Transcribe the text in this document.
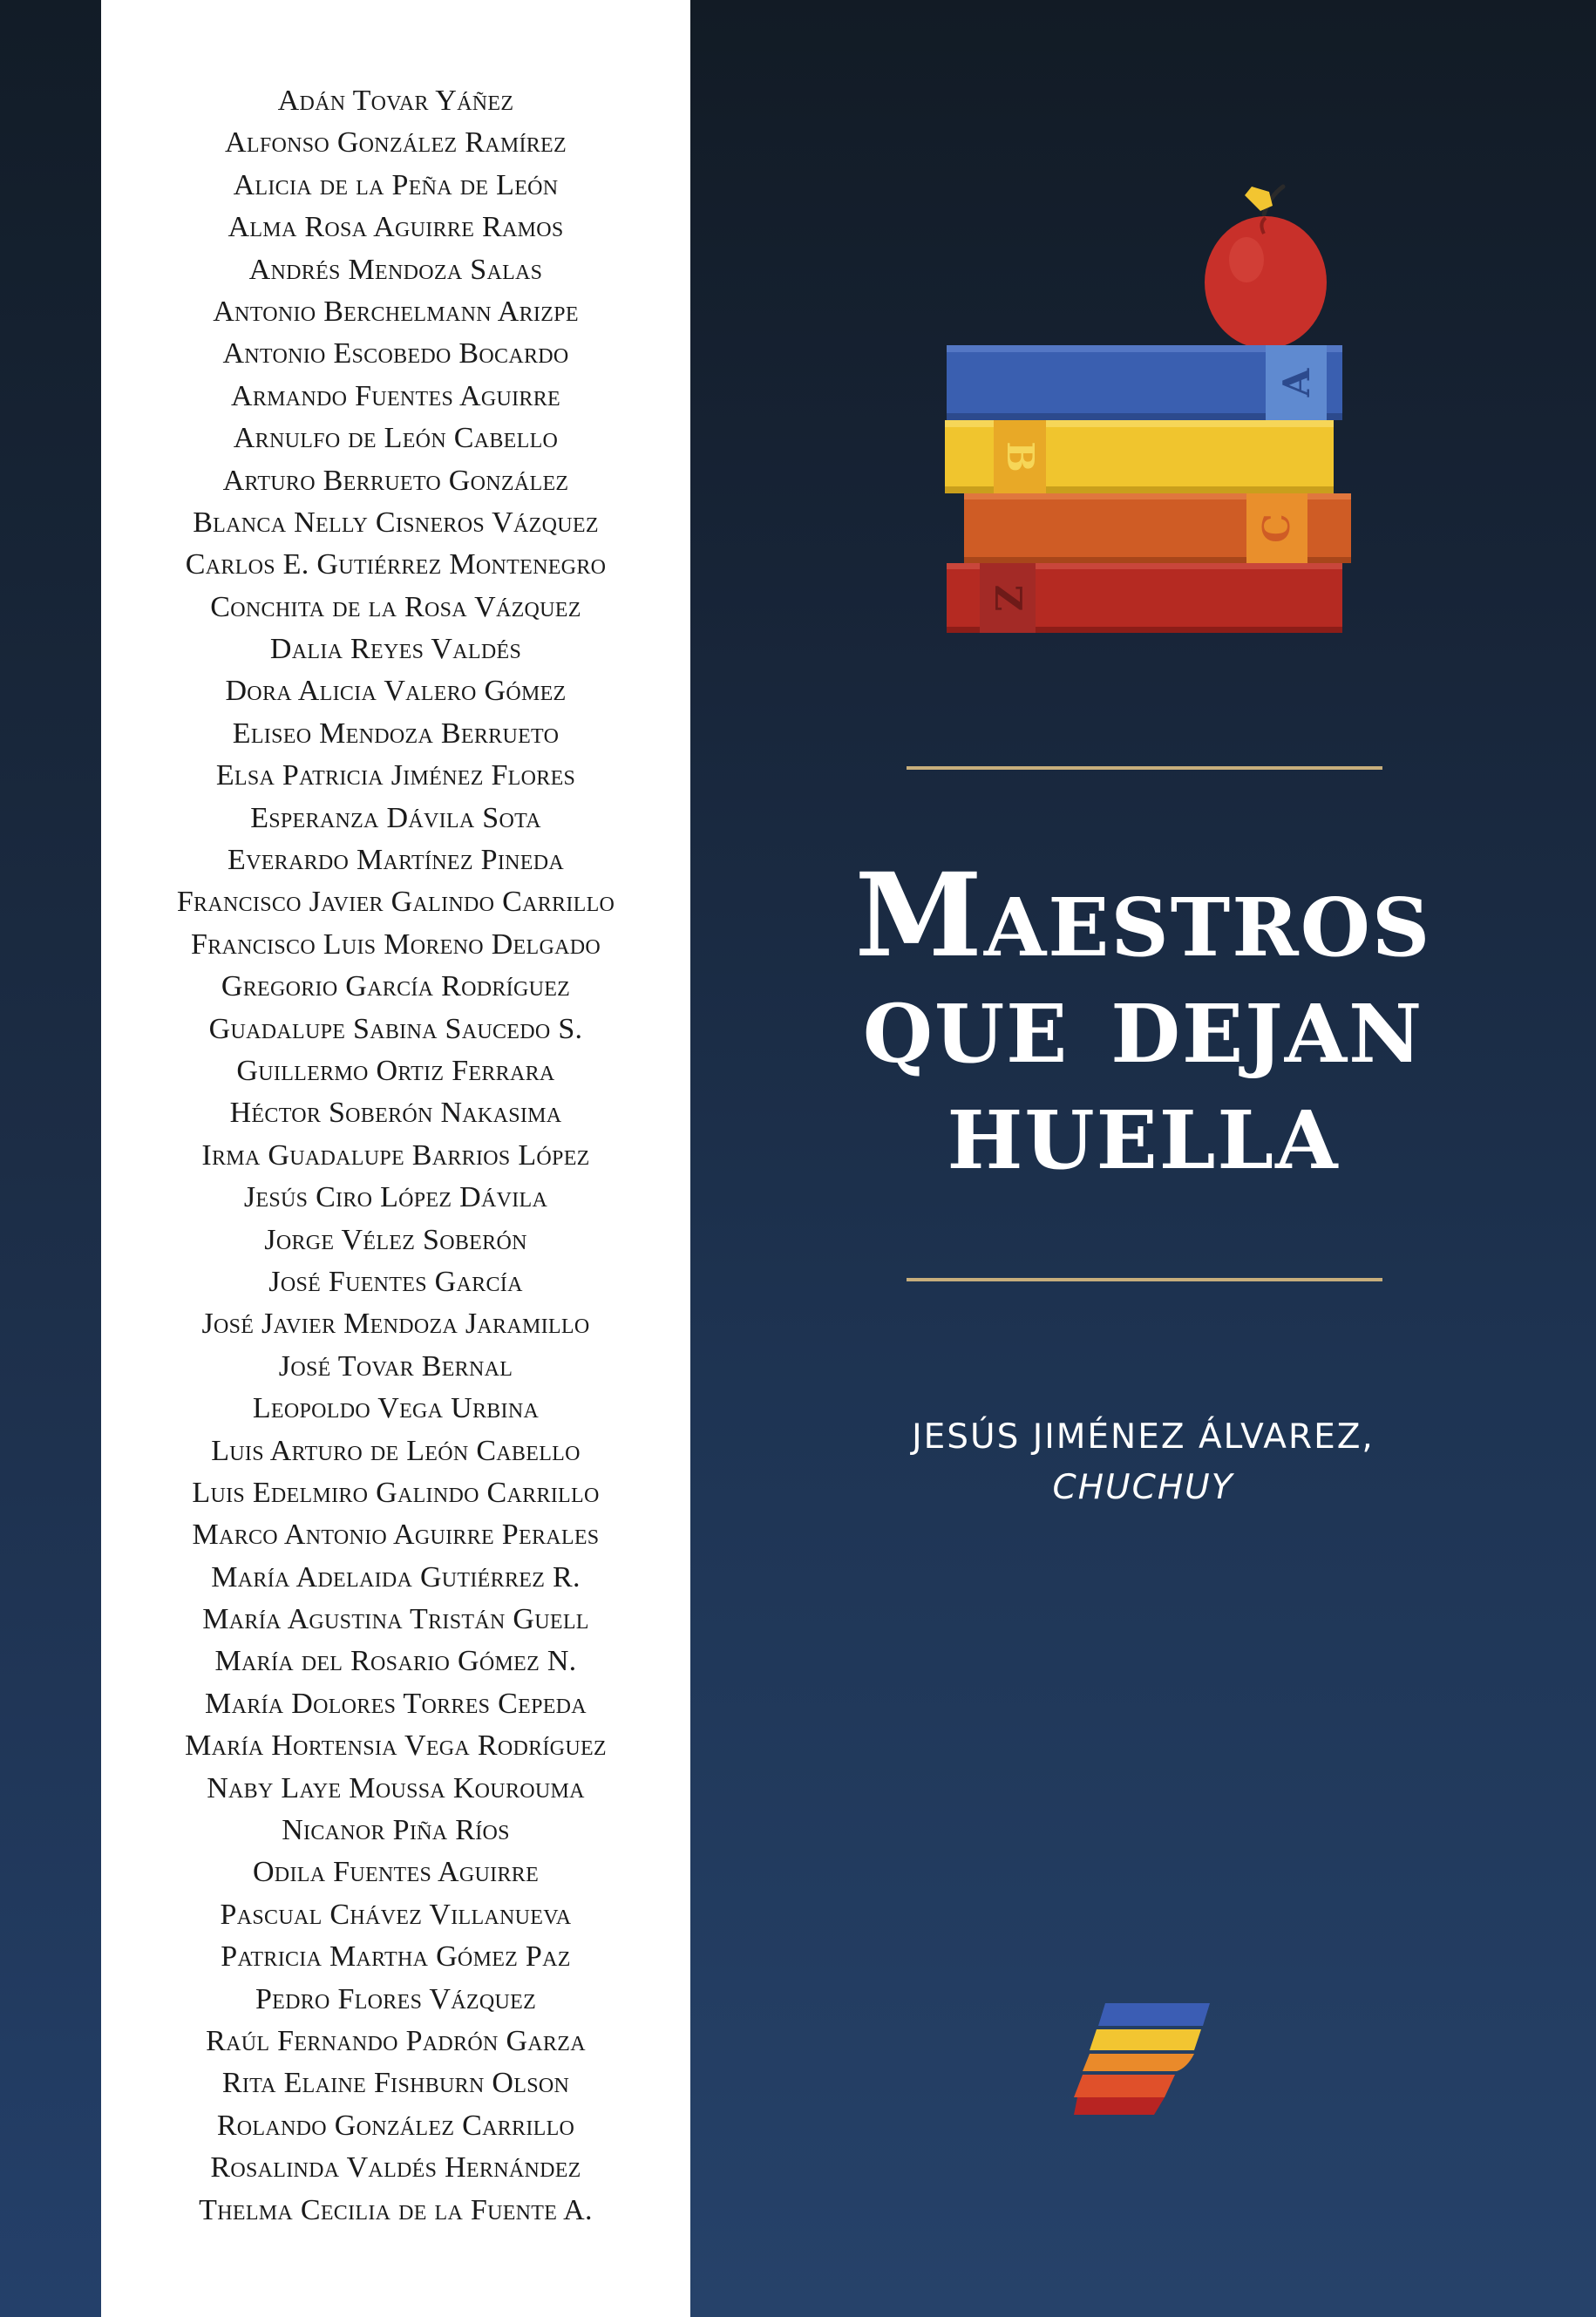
Adán Tovar Yáñez
Alfonso González Ramírez
Alicia de la Peña de León
Alma Rosa Aguirre Ramos
Andrés Mendoza Salas
Antonio Berchelmann Arizpe
Antonio Escobedo Bocardo
Armando Fuentes Aguirre
Arnulfo de León Cabello
Arturo Berrueto González
Blanca Nelly Cisneros Vázquez
Carlos E. Gutiérrez Montenegro
Conchita de la Rosa Vázquez
Dalia Reyes Valdés
Dora Alicia Valero Gómez
Eliseo Mendoza Berrueto
Elsa Patricia Jiménez Flores
Esperanza Dávila Sota
Everardo Martínez Pineda
Francisco Javier Galindo Carrillo
Francisco Luis Moreno Delgado
Gregorio García Rodríguez
Guadalupe Sabina Saucedo S.
Guillermo Ortiz Ferrara
Héctor Soberón Nakasima
Irma Guadalupe Barrios López
Jesús Ciro López Dávila
Jorge Vélez Soberón
José Fuentes García
José Javier Mendoza Jaramillo
José Tovar Bernal
Leopoldo Vega Urbina
Luis Arturo de León Cabello
Luis Edelmiro Galindo Carrillo
Marco Antonio Aguirre Perales
María Adelaida Gutiérrez R.
María Agustina Tristán Guell
María del Rosario Gómez N.
María Dolores Torres Cepeda
María Hortensia Vega Rodríguez
Naby Laye Moussa Kourouma
Nicanor Piña Ríos
Odila Fuentes Aguirre
Pascual Chávez Villanueva
Patricia Martha Gómez Paz
Pedro Flores Vázquez
Raúl Fernando Padrón Garza
Rita Elaine Fishburn Olson
Rolando González Carrillo
Rosalinda Valdés Hernández
Thelma Cecilia de la Fuente A.
A
B
C
Z
Maestros
que dejan
huella
JESÚS JIMÉNEZ ÁLVAREZ,
CHUCHUY
